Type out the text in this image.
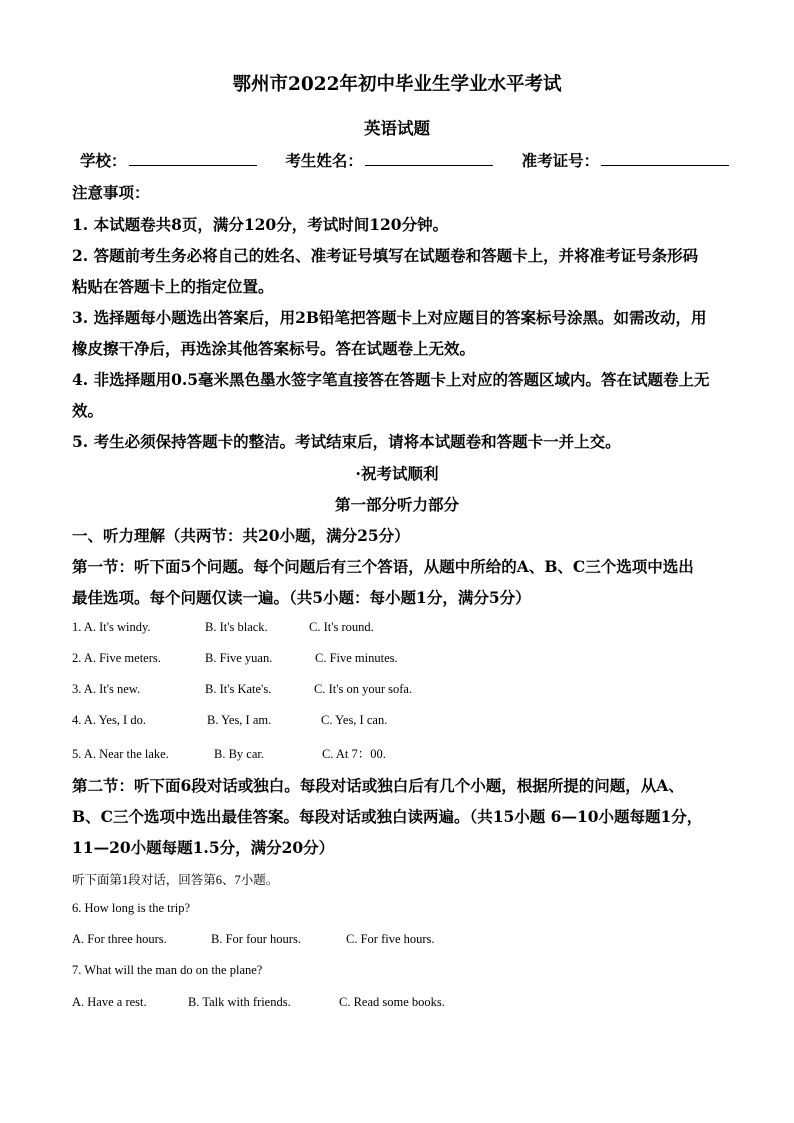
鄂州市2022年初中毕业生学业水平考试
英语试题
学校：	考生姓名：	准考证号：
注意事项：
1. 本试题卷共8页，满分120分，考试时间120分钟。
2. 答题前考生务必将自己的姓名、准考证号填写在试题卷和答题卡上，并将准考证号条形码
粘贴在答题卡上的指定位置。
3. 选择题每小题选出答案后，用2B铅笔把答题卡上对应题目的答案标号涂黑。如需改动，用
橡皮擦干净后，再选涂其他答案标号。答在试题卷上无效。
4. 非选择题用0.5毫米黑色墨水签字笔直接答在答题卡上对应的答题区域内。答在试题卷上无
效。
5. 考生必须保持答题卡的整洁。考试结束后，请将本试题卷和答题卡一并上交。
·祝考试顺利
第一部分听力部分
一、听力理解（共两节：共20小题，满分25分）
第一节：听下面5个问题。每个问题后有三个答语，从题中所给的A、B、C三个选项中选出
最佳选项。每个问题仅读一遍。（共5小题：每小题1分，满分5分）
1. A. It's windy.	B. It's black.	C. It's round.
2. A. Five meters.	B. Five yuan.	C. Five minutes.
3. A. It's new.	B. It's Kate's.	C. It's on your sofa.
4. A. Yes, I do.	B. Yes, I am.	C. Yes, I can.
5. A. Near the lake.	B. By car.	C. At 7：00.
第二节：听下面6段对话或独白。每段对话或独白后有几个小题，根据所提的问题，从A、
B、C三个选项中选出最佳答案。每段对话或独白读两遍。（共15小题 6—10小题每题1分，
11—20小题每题1.5分，满分20分）
听下面第1段对话，回答第6、7小题。
6. How long is the trip?
A. For three hours.	B. For four hours.	C. For five hours.
7. What will the man do on the plane?
A. Have a rest.	B. Talk with friends.	C. Read some books.
